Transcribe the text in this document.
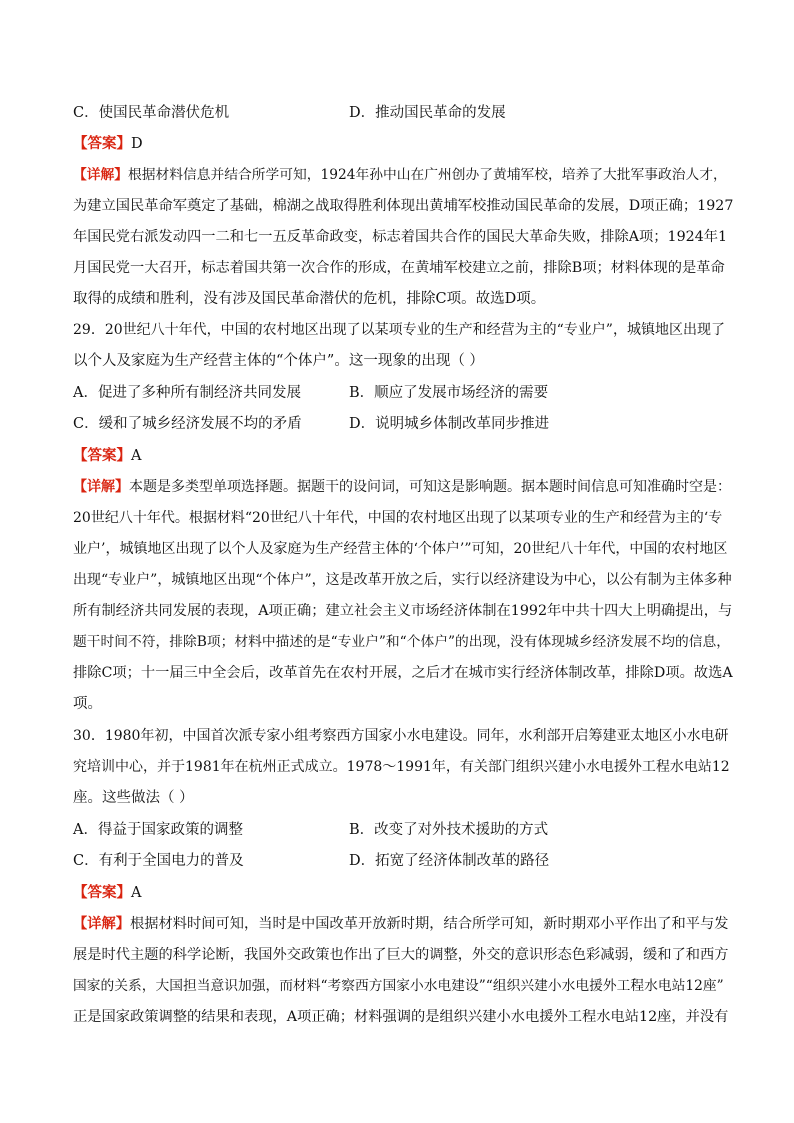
C．使国民革命潜伏危机	D．推动国民革命的发展
【答案】D
【详解】根据材料信息并结合所学可知，1924年孙中山在广州创办了黄埔军校，培养了大批军事政治人才，
为建立国民革命军奠定了基础，棉湖之战取得胜利体现出黄埔军校推动国民革命的发展，D项正确；1927
年国民党右派发动四一二和七一五反革命政变，标志着国共合作的国民大革命失败，排除A项；1924年1
月国民党一大召开，标志着国共第一次合作的形成，在黄埔军校建立之前，排除B项；材料体现的是革命
取得的成绩和胜利，没有涉及国民革命潜伏的危机，排除C项。故选D项。
29．20世纪八十年代，中国的农村地区出现了以某项专业的生产和经营为主的“专业户”，城镇地区出现了
以个人及家庭为生产经营主体的“个体户”。这一现象的出现（ ）
A．促进了多种所有制经济共同发展	B．顺应了发展市场经济的需要
C．缓和了城乡经济发展不均的矛盾	D．说明城乡体制改革同步推进
【答案】A
【详解】本题是多类型单项选择题。据题干的设问词，可知这是影响题。据本题时间信息可知准确时空是：
20世纪八十年代。根据材料“20世纪八十年代，中国的农村地区出现了以某项专业的生产和经营为主的‘专
业户’，城镇地区出现了以个人及家庭为生产经营主体的‘个体户’”可知，20世纪八十年代，中国的农村地区
出现“专业户”，城镇地区出现“个体户”，这是改革开放之后，实行以经济建设为中心，以公有制为主体多种
所有制经济共同发展的表现，A项正确；建立社会主义市场经济体制在1992年中共十四大上明确提出，与
题干时间不符，排除B项；材料中描述的是“专业户”和“个体户”的出现，没有体现城乡经济发展不均的信息，
排除C项；十一届三中全会后，改革首先在农村开展，之后才在城市实行经济体制改革，排除D项。故选A
项。
30．1980年初，中国首次派专家小组考察西方国家小水电建设。同年，水利部开启筹建亚太地区小水电研
究培训中心，并于1981年在杭州正式成立。1978～1991年，有关部门组织兴建小水电援外工程水电站12
座。这些做法（ ）
A．得益于国家政策的调整	B．改变了对外技术援助的方式
C．有利于全国电力的普及	D．拓宽了经济体制改革的路径
【答案】A
【详解】根据材料时间可知，当时是中国改革开放新时期，结合所学可知，新时期邓小平作出了和平与发
展是时代主题的科学论断，我国外交政策也作出了巨大的调整，外交的意识形态色彩减弱，缓和了和西方
国家的关系，大国担当意识加强，而材料“考察西方国家小水电建设”“组织兴建小水电援外工程水电站12座”
正是国家政策调整的结果和表现，A项正确；材料强调的是组织兴建小水电援外工程水电站12座，并没有
